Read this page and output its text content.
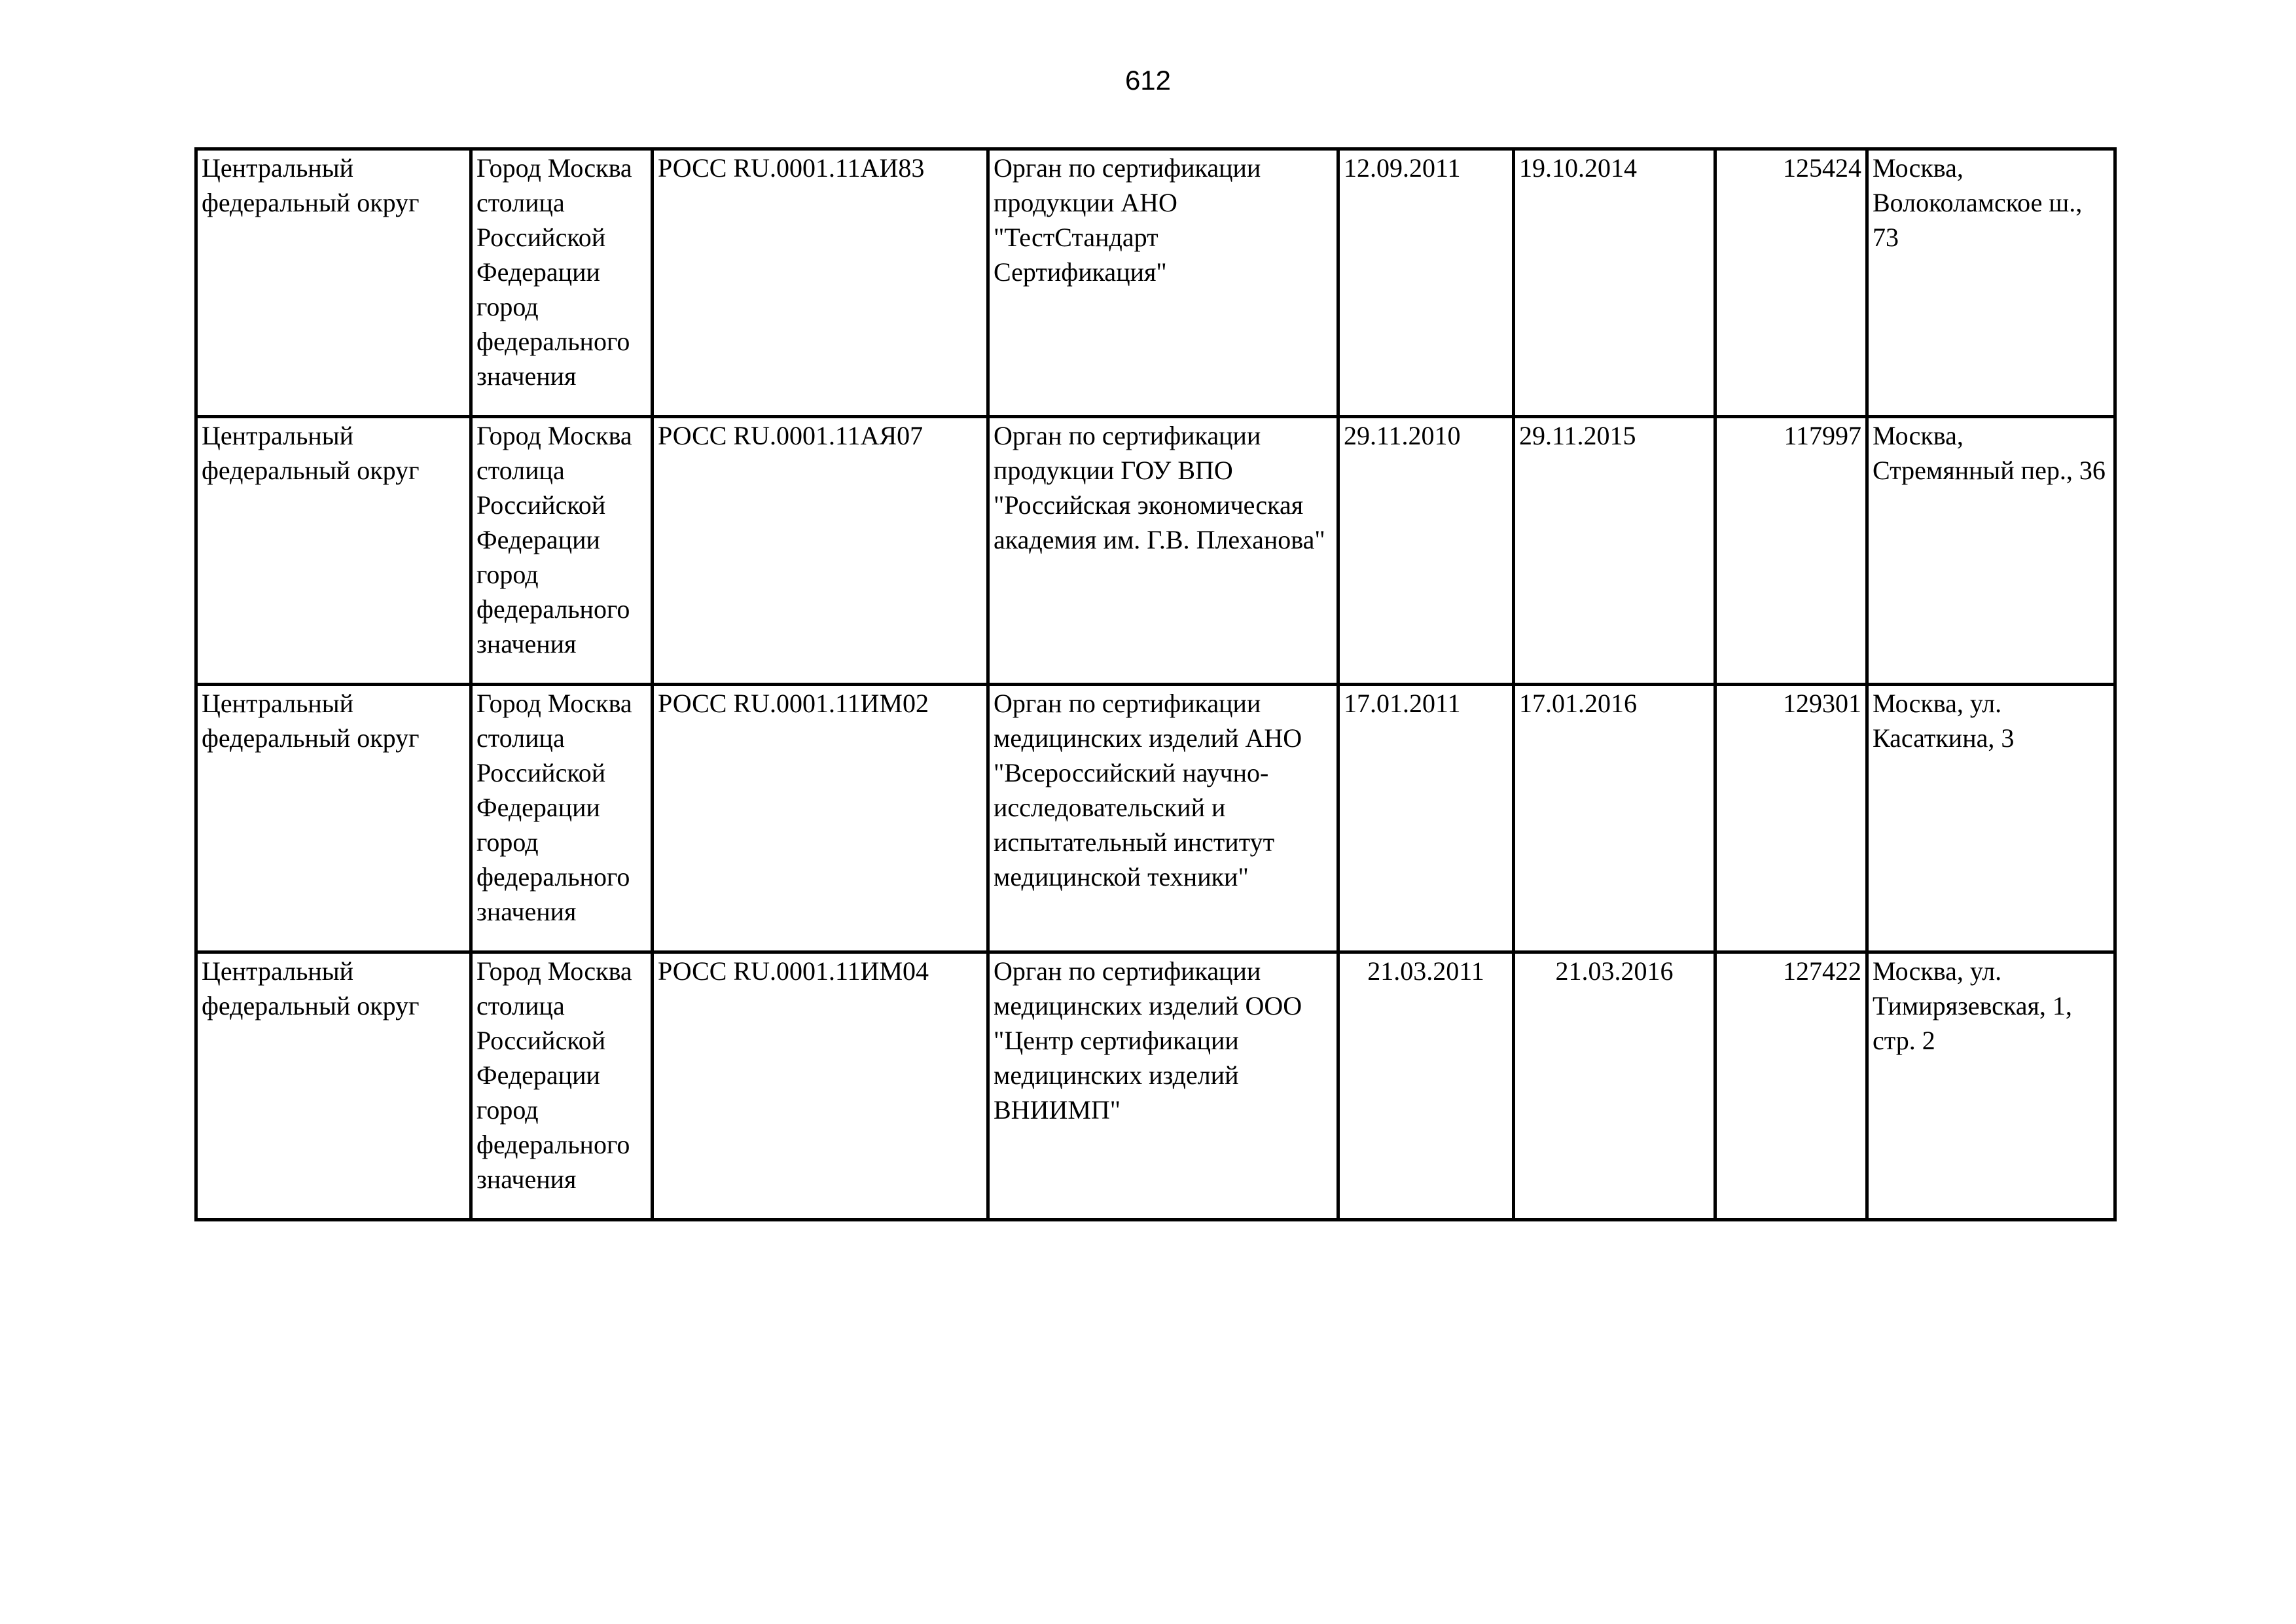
612
Центральный федеральный округ	Город Москва столица Российской Федерации город федерального значения	РОСС RU.0001.11АИ83	Орган по сертификации продукции АНО "ТестСтандарт Сертификация"	12.09.2011	19.10.2014	125424	Москва, Волоколамское ш., 73

Центральный федеральный округ	Город Москва столица Российской Федерации город федерального значения	РОСС RU.0001.11АЯ07	Орган по сертификации продукции ГОУ ВПО "Российская экономическая академия им. Г.В. Плеханова"	29.11.2010	29.11.2015	117997	Москва, Стремянный пер., 36

Центральный федеральный округ	Город Москва столица Российской Федерации город федерального значения	РОСС RU.0001.11ИМ02	Орган по сертификации медицинских изделий АНО "Всероссийский научно-исследовательский и испытательный институт медицинской техники"	17.01.2011	17.01.2016	129301	Москва, ул. Касаткина, 3

Центральный федеральный округ	Город Москва столица Российской Федерации город федерального значения	РОСС RU.0001.11ИМ04	Орган по сертификации медицинских изделий ООО "Центр сертификации медицинских изделий ВНИИМП"	21.03.2011	21.03.2016	127422	Москва, ул. Тимирязевская, 1, стр. 2
